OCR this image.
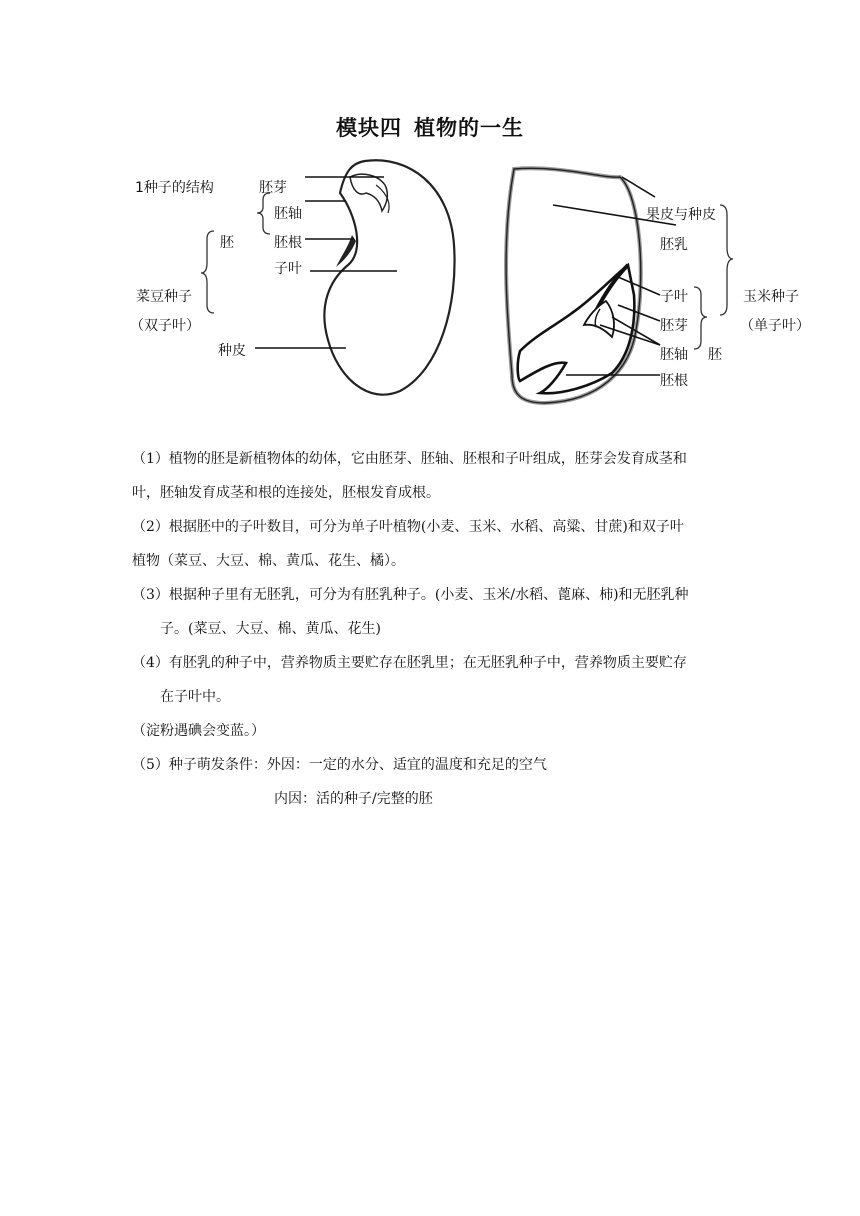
模块四 植物的一生
1种子的结构	胚芽
胚轴
胚根
子叶
胚
菜豆种子
（双子叶）
种皮
果皮与种皮
胚乳
子叶
胚芽
胚轴
胚根
胚
玉米种子
（单子叶）

（1）植物的胚是新植物体的幼体，它由胚芽、胚轴、胚根和子叶组成，胚芽会发育成茎和

叶，胚轴发育成茎和根的连接处，胚根发育成根。

（2）根据胚中的子叶数目，可分为单子叶植物(小麦、玉米、水稻、高粱、甘蔗)和双子叶

植物（菜豆、大豆、棉、黄瓜、花生、橘）。

（3）根据种子里有无胚乳，可分为有胚乳种子。(小麦、玉米/水稻、蓖麻、柿)和无胚乳种

子。(菜豆、大豆、棉、黄瓜、花生)

（4）有胚乳的种子中，营养物质主要贮存在胚乳里；在无胚乳种子中，营养物质主要贮存

在子叶中。

（淀粉遇碘会变蓝。）

（5）种子萌发条件：外因：一定的水分、适宜的温度和充足的空气

内因：活的种子/完整的胚
